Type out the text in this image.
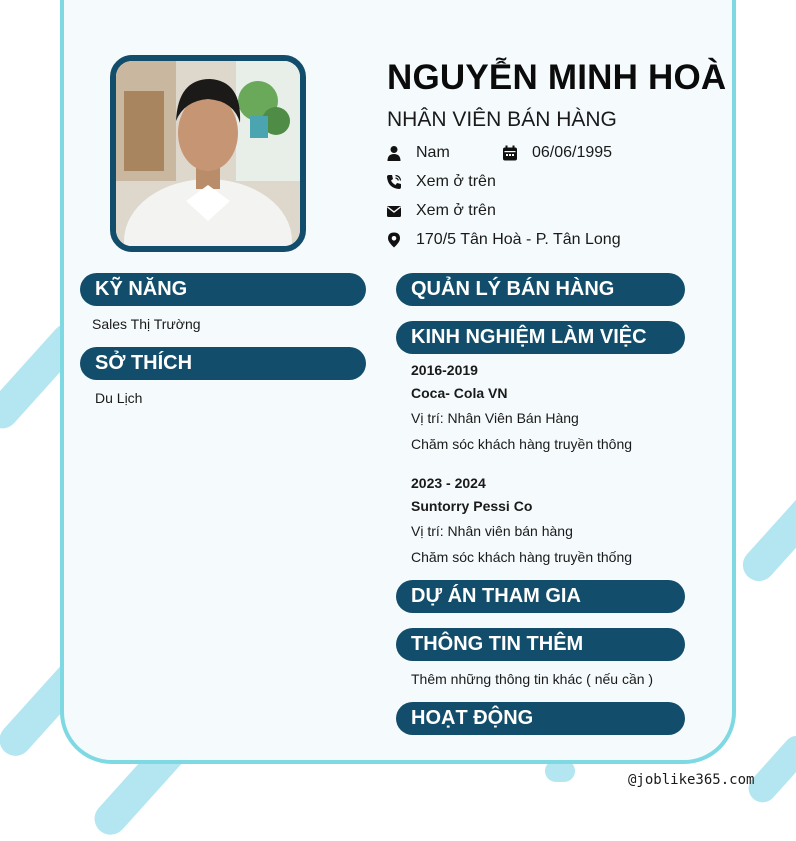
NGUYỄN MINH HOÀ
NHÂN VIÊN BÁN HÀNG
Nam	06/06/1995
Xem ở trên
Xem ở trên
170/5 Tân Hoà - P. Tân Long
KỸ NĂNG
Sales Thị Trường
SỞ THÍCH
Du Lịch
QUẢN LÝ BÁN HÀNG
KINH NGHIỆM LÀM VIỆC
2016-2019
Coca- Cola VN
Vị trí: Nhân Viên Bán Hàng
Chăm sóc khách hàng truyền thông
2023 - 2024
Suntorry Pessi Co
Vị trí: Nhân viên bán hàng
Chăm sóc khách hàng truyền thống
DỰ ÁN THAM GIA
THÔNG TIN THÊM
Thêm những thông tin khác ( nếu cần )
HOẠT ĐỘNG
@joblike365.com
